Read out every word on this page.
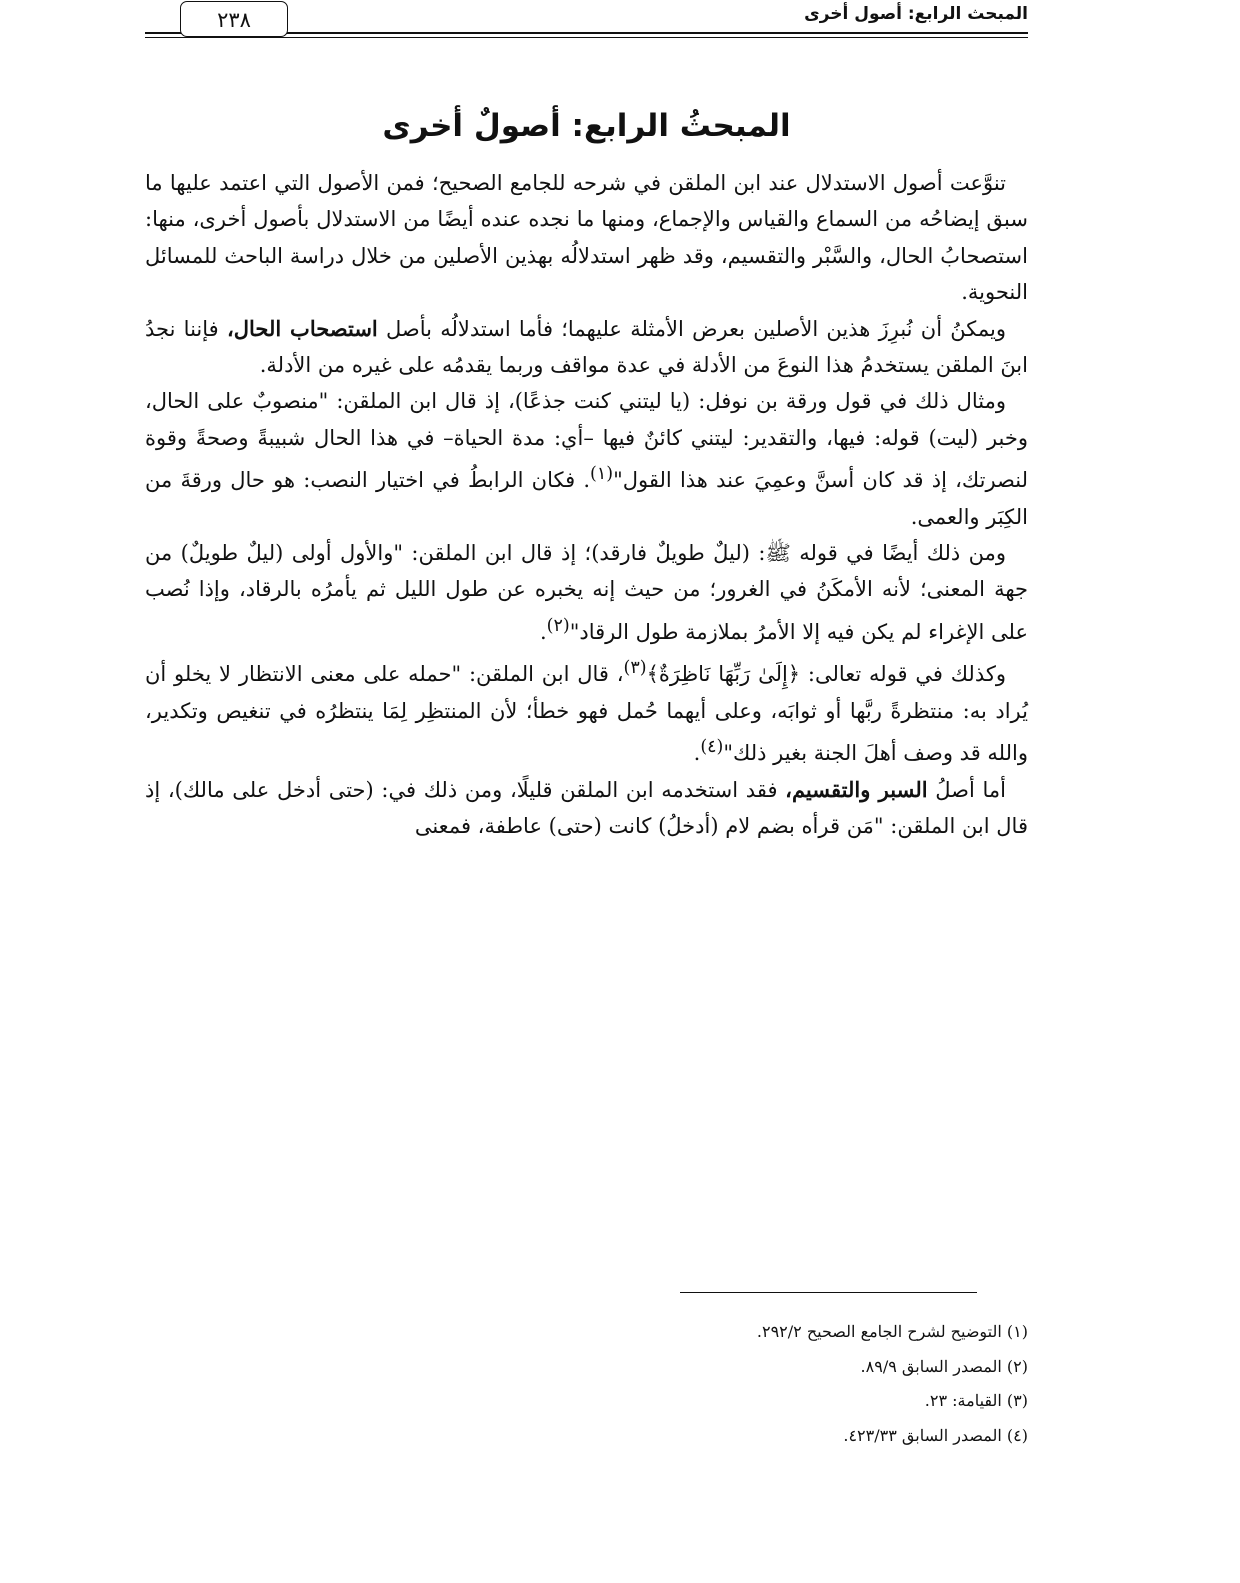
المبحث الرابع: أصول أخرى
٢٣٨
المبحثُ الرابع: أصولٌ أخرى

تنوَّعت أصول الاستدلال عند ابن الملقن في شرحه للجامع الصحيح؛ فمن الأصول التي اعتمد عليها ما سبق إيضاحُه من السماع والقياس والإجماع، ومنها ما نجده عنده أيضًا من الاستدلال بأصول أخرى، منها: استصحابُ الحال، والسَّبْر والتقسيم، وقد ظهر استدلالُه بهذين الأصلين من خلال دراسة الباحث للمسائل النحوية.

ويمكنُ أن نُبرِزَ هذين الأصلين بعرض الأمثلة عليهما؛ فأما استدلالُه بأصل استصحاب الحال، فإننا نجدُ ابنَ الملقن يستخدمُ هذا النوعَ من الأدلة في عدة مواقف وربما يقدمُه على غيره من الأدلة.

ومثال ذلك في قول ورقة بن نوفل: (يا ليتني كنت جذعًا)، إذ قال ابن الملقن: "منصوبٌ على الحال، وخبر (ليت) قوله: فيها، والتقدير: ليتني كائنٌ فيها –أي: مدة الحياة– في هذا الحال شبيبةً وصحةً وقوة لنصرتك، إذ قد كان أسنَّ وعمِيَ عند هذا القول"$^{(١)}$. فكان الرابطُ في اختيار النصب: هو حال ورقةَ من الكِبَر والعمى.

ومن ذلك أيضًا في قوله ﷺ: (ليلٌ طويلٌ فارقد)؛ إذ قال ابن الملقن: "والأول أولى (ليلٌ طويلٌ) من جهة المعنى؛ لأنه الأمكَنُ في الغرور؛ من حيث إنه يخبره عن طول الليل ثم يأمرُه بالرقاد، وإذا نُصب على الإغراء لم يكن فيه إلا الأمرُ بملازمة طول الرقاد"$^{(٢)}$.

وكذلك في قوله تعالى: ﴿إِلَىٰ رَبِّهَا نَاظِرَةٌ﴾$^{(٣)}$، قال ابن الملقن: "حمله على معنى الانتظار لا يخلو أن يُراد به: منتظرةً ربَّها أو ثوابَه، وعلى أيهما حُمل فهو خطأ؛ لأن المنتظِر لِمَا ينتظرُه في تنغيص وتكدير، والله قد وصف أهلَ الجنة بغير ذلك"$^{(٤)}$.

أما أصلُ السبر والتقسيم، فقد استخدمه ابن الملقن قليلًا، ومن ذلك في: (حتى أدخل على مالك)، إذ قال ابن الملقن: "مَن قرأه بضم لام (أدخلُ) كانت (حتى) عاطفة، فمعنى

(١) التوضيح لشرح الجامع الصحيح ٢٩٢/٢.
(٢) المصدر السابق ٨٩/٩.
(٣) القيامة: ٢٣.
(٤) المصدر السابق ٤٢٣/٣٣.
